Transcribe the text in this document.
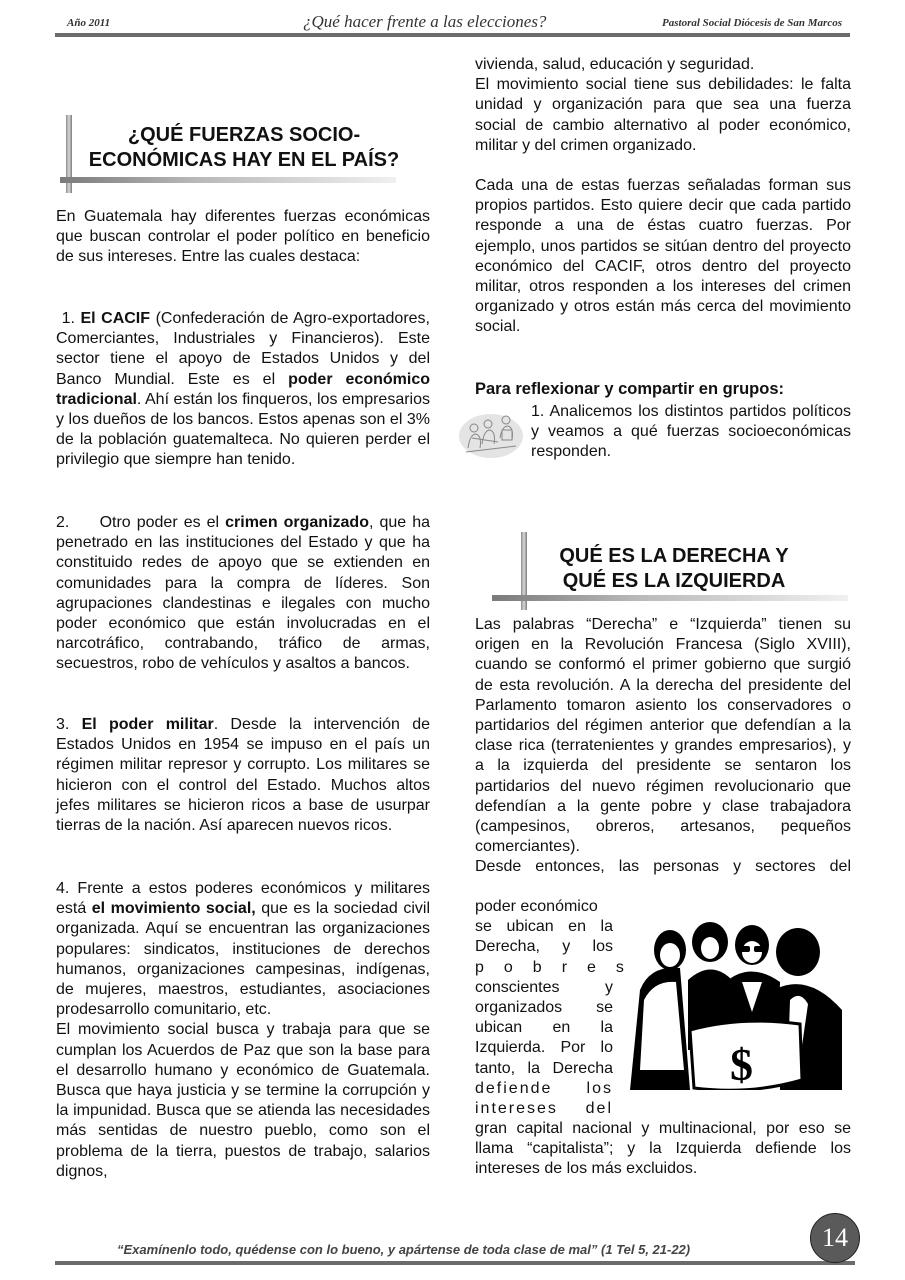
Año 2011	¿Qué hacer frente a las elecciones?	Pastoral Social Diócesis de San Marcos
¿QUÉ FUERZAS SOCIO-
ECONÓMICAS HAY EN EL PAÍS?

En Guatemala hay diferentes fuerzas económicas que buscan controlar el poder político en beneficio de sus intereses. Entre las cuales destaca:

1. El CACIF (Confederación de Agro-exportadores, Comerciantes, Industriales y Financieros). Este sector tiene el apoyo de Estados Unidos y del Banco Mundial. Este es el poder económico tradicional. Ahí están los finqueros, los empresarios y los dueños de los bancos. Estos apenas son el 3% de la población guatemalteca. No quieren perder el privilegio que siempre han tenido.

2. Otro poder es el crimen organizado, que ha penetrado en las instituciones del Estado y que ha constituido redes de apoyo que se extienden en comunidades para la compra de líderes. Son agrupaciones clandestinas e ilegales con mucho poder económico que están involucradas en el narcotráfico, contrabando, tráfico de armas, secuestros, robo de vehículos y asaltos a bancos.

3. El poder militar. Desde la intervención de Estados Unidos en 1954 se impuso en el país un régimen militar represor y corrupto. Los militares se hicieron con el control del Estado. Muchos altos jefes militares se hicieron ricos a base de usurpar tierras de la nación. Así aparecen nuevos ricos.

4. Frente a estos poderes económicos y militares está el movimiento social, que es la sociedad civil organizada. Aquí se encuentran las organizaciones populares: sindicatos, instituciones de derechos humanos, organizaciones campesinas, indígenas, de mujeres, maestros, estudiantes, asociaciones prodesarrollo comunitario, etc.

El movimiento social busca y trabaja para que se cumplan los Acuerdos de Paz que son la base para el desarrollo humano y económico de Guatemala. Busca que haya justicia y se termine la corrupción y la impunidad. Busca que se atienda las necesidades más sentidas de nuestro pueblo, como son el problema de la tierra, puestos de trabajo, salarios dignos,

vivienda, salud, educación y seguridad.

El movimiento social tiene sus debilidades: le falta unidad y organización para que sea una fuerza social de cambio alternativo al poder económico, militar y del crimen organizado.

Cada una de estas fuerzas señaladas forman sus propios partidos. Esto quiere decir que cada partido responde a una de éstas cuatro fuerzas. Por ejemplo, unos partidos se sitúan dentro del proyecto económico del CACIF, otros dentro del proyecto militar, otros responden a los intereses del crimen organizado y otros están más cerca del movimiento social.

Para reflexionar y compartir en grupos:

1. Analicemos los distintos partidos políticos y veamos a qué fuerzas socioeconómicas responden.

QUÉ ES LA DERECHA Y
QUÉ ES LA IZQUIERDA

Las palabras “Derecha” e “Izquierda” tienen su origen en la Revolución Francesa (Siglo XVIII), cuando se conformó el primer gobierno que surgió de esta revolución. A la derecha del presidente del Parlamento tomaron asiento los conservadores o partidarios del régimen anterior que defendían a la clase rica (terratenientes y grandes empresarios), y a la izquierda del presidente se sentaron los partidarios del nuevo régimen revolucionario que defendían a la gente pobre y clase trabajadora (campesinos, obreros, artesanos, pequeños comerciantes).

Desde entonces, las personas y sectores del

poder económico

se ubican en la

Derecha, y los

pobres

conscientes y

organizados se

ubican en la

Izquierda. Por lo

tanto, la Derecha

defiende los

intereses del

$

gran capital nacional y multinacional, por eso se llama “capitalista”; y la Izquierda defiende los intereses de los más excluidos.

“Examínenlo todo, quédense con lo bueno, y apártense de toda clase de mal” (1 Tel 5, 21-22)	14
